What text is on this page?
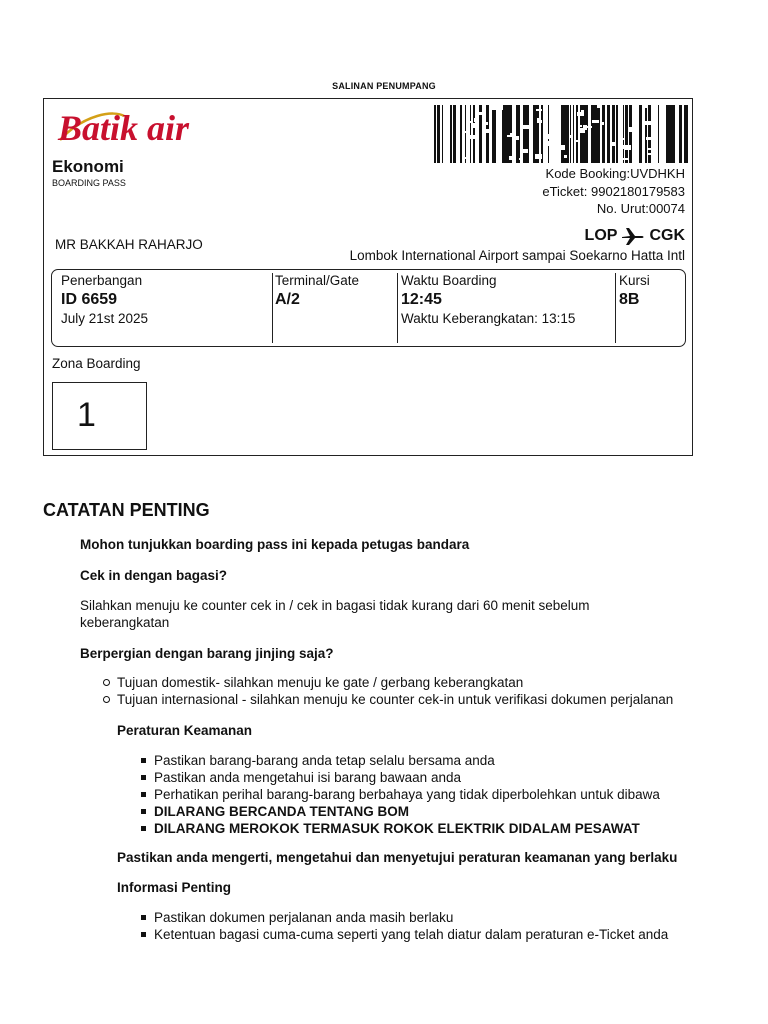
SALINAN PENUMPANG
Batik air
Ekonomi
BOARDING PASS
Kode Booking:UVDHKH
eTicket: 9902180179583
No. Urut:00074
MR BAKKAH RAHARJO
LOP CGK
Lombok International Airport sampai Soekarno Hatta Intl
Penerbangan
ID 6659
July 21st 2025
Terminal/Gate
A/2
Waktu Boarding
12:45
Waktu Keberangkatan: 13:15
Kursi
8B
Zona Boarding
1
CATATAN PENTING
Mohon tunjukkan boarding pass ini kepada petugas bandara
Cek in dengan bagasi?
Silahkan menuju ke counter cek in / cek in bagasi tidak kurang dari 60 menit sebelum keberangkatan
Berpergian dengan barang jinjing saja?
Tujuan domestik- silahkan menuju ke gate / gerbang keberangkatan
Tujuan internasional - silahkan menuju ke counter cek-in untuk verifikasi dokumen perjalanan
Peraturan Keamanan
Pastikan barang-barang anda tetap selalu bersama anda
Pastikan anda mengetahui isi barang bawaan anda
Perhatikan perihal barang-barang berbahaya yang tidak diperbolehkan untuk dibawa
DILARANG BERCANDA TENTANG BOM
DILARANG MEROKOK TERMASUK ROKOK ELEKTRIK DIDALAM PESAWAT
Pastikan anda mengerti, mengetahui dan menyetujui peraturan keamanan yang berlaku
Informasi Penting
Pastikan dokumen perjalanan anda masih berlaku
Ketentuan bagasi cuma-cuma seperti yang telah diatur dalam peraturan e-Ticket anda
